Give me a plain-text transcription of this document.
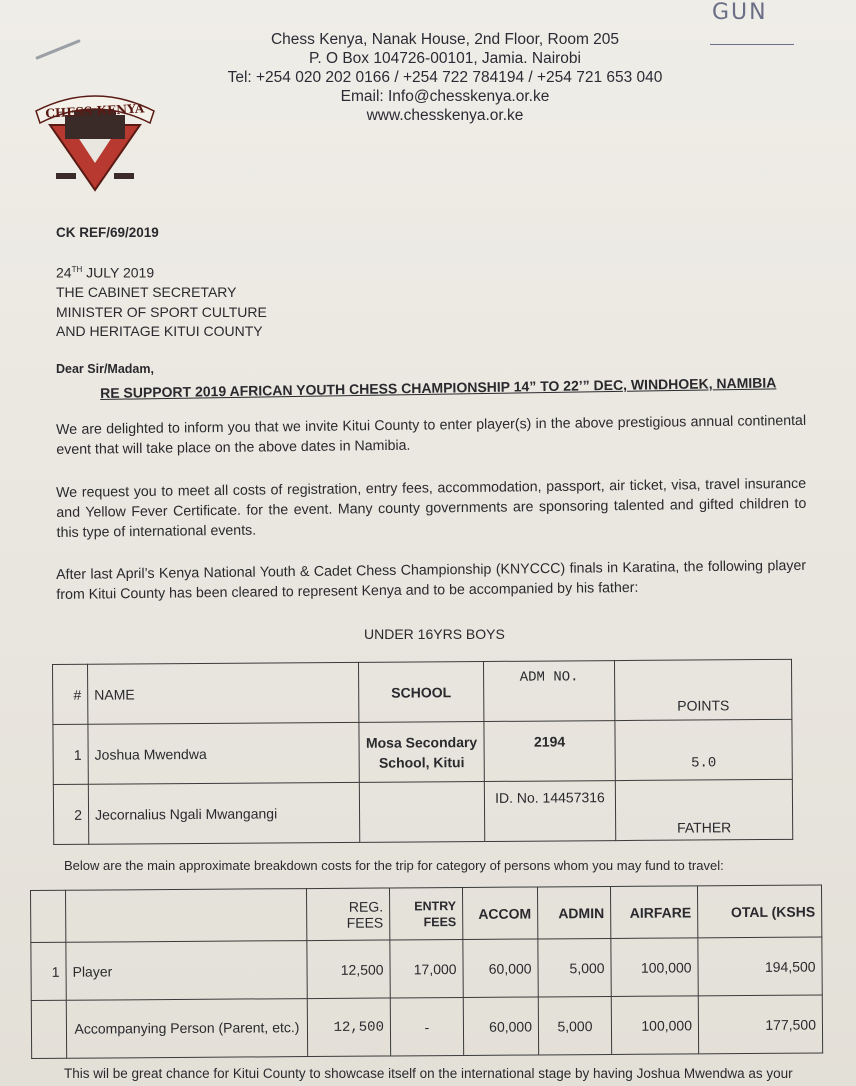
GUN
CHESS KENYA
Chess Kenya, Nanak House, 2nd Floor, Room 205
P. O Box 104726-00101, Jamia. Nairobi
Tel: +254 020 202 0166 / +254 722 784194 / +254 721 653 040
Email: Info@chesskenya.or.ke
www.chesskenya.or.ke
CK REF/69/2019
24TH JULY 2019
THE CABINET SECRETARY
MINISTER OF SPORT CULTURE
AND HERITAGE KITUI COUNTY
Dear Sir/Madam,
RE SUPPORT 2019 AFRICAN YOUTH CHESS CHAMPIONSHIP 14” TO 22’” DEC, WINDHOEK, NAMIBIA
We are delighted to inform you that we invite Kitui County to enter player(s) in the above prestigious annual continental event that will take place on the above dates in Namibia.
We request you to meet all costs of registration, entry fees, accommodation, passport, air ticket, visa, travel insurance and Yellow Fever Certificate. for the event. Many county governments are sponsoring talented and gifted children to this type of international events.
After last April’s Kenya National Youth & Cadet Chess Championship (KNYCCC) finals in Karatina, the following player from Kitui County has been cleared to represent Kenya and to be accompanied by his father:
UNDER 16YRS BOYS
#	NAME	SCHOOL	ADM NO.	POINTS
1	Joshua Mwendwa	Mosa Secondary School, Kitui	2194	5.0
2	Jecornalius Ngali Mwangangi		ID. No. 14457316	FATHER
Below are the main approximate breakdown costs for the trip for category of persons whom you may fund to travel:
		REG. FEES	ENTRY FEES	ACCOM	ADMIN	AIRFARE	OTAL (KSHS
1	Player	12,500	17,000	60,000	5,000	100,000	194,500
	Accompanying Person (Parent, etc.)	12,500	-	60,000	5,000	100,000	177,500
This wil be great chance for Kitui County to showcase itself on the international stage by having Joshua Mwendwa as your
